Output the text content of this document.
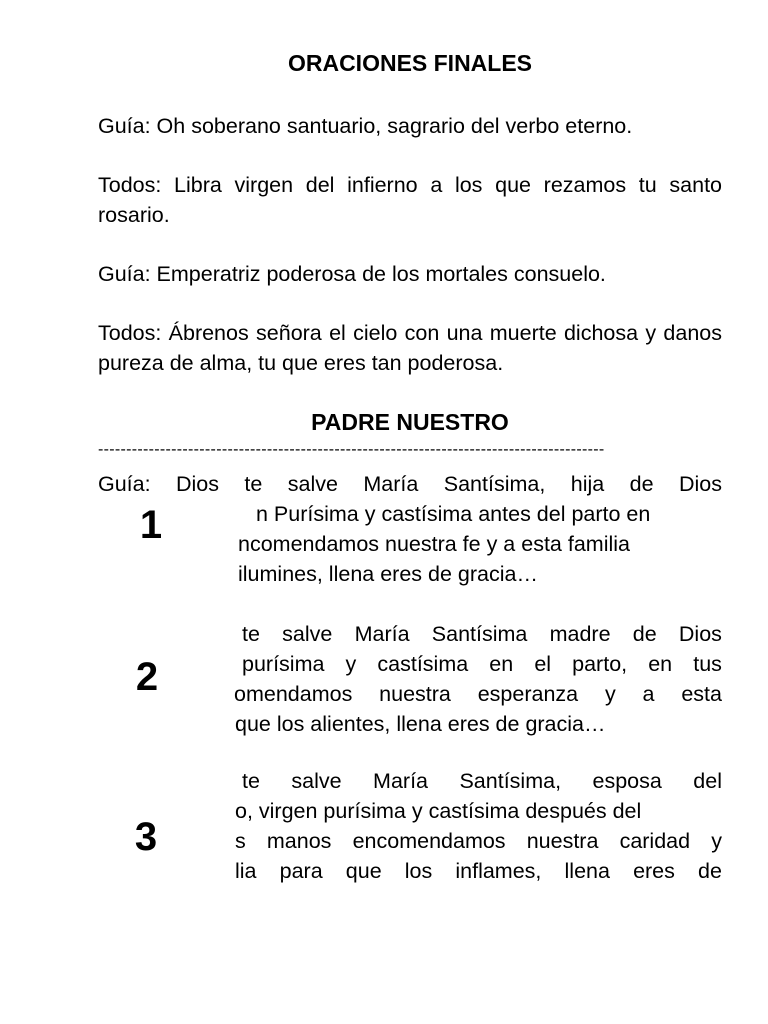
ORACIONES FINALES

Guía: Oh soberano santuario, sagrario del verbo eterno.

Todos: Libra virgen del infierno a los que rezamos tu santo rosario.

Guía: Emperatriz poderosa de los mortales consuelo.

Todos: Ábrenos señora el cielo con una muerte dichosa y danos pureza de alma, tu que eres tan poderosa.

PADRE NUESTRO
------------------------------------------------------------------------------------------
Guía: Dios te salve María Santísima, hija de Dios
n Purísima y castísima antes del parto en
ncomendamos nuestra fe y a esta familia
ilumines, llena eres de gracia…
1
te salve María Santísima madre de Dios
purísima y castísima en el parto, en tus
omendamos nuestra esperanza y a esta
que los alientes, llena eres de gracia…
2
te salve María Santísima, esposa del
o, virgen purísima y castísima después del
s manos encomendamos nuestra caridad y
lia para que los inflames, llena eres de
3
